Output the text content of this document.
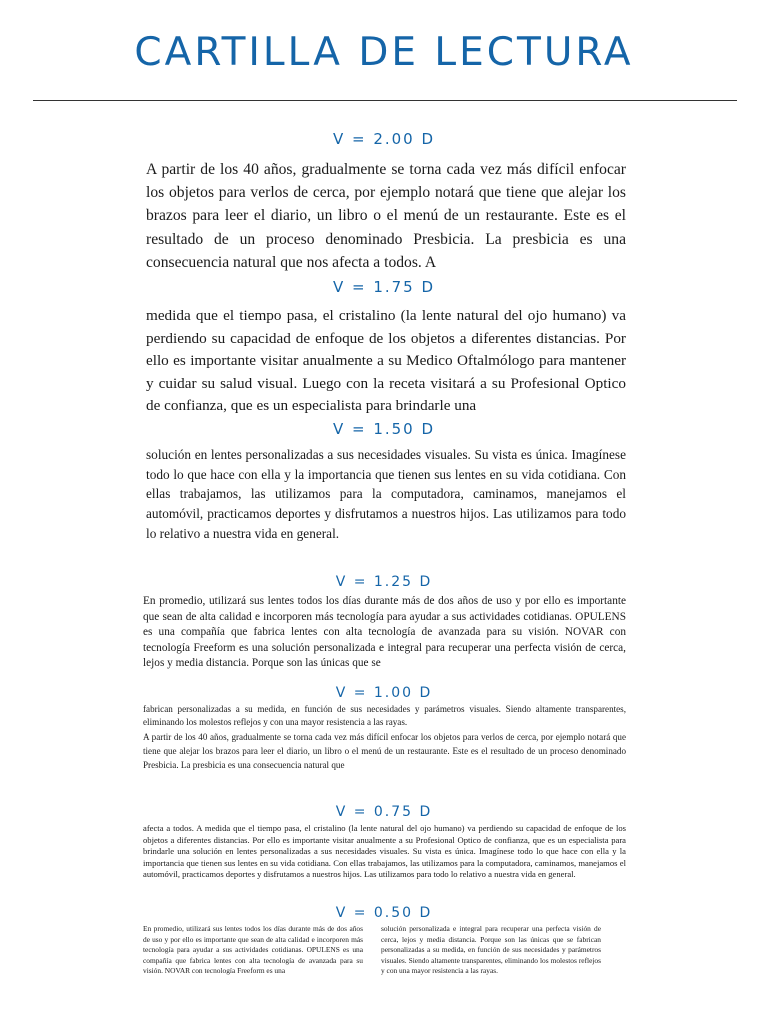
CARTILLA DE LECTURA
V = 2.00 D

A partir de los 40 años, gradualmente se torna cada vez más difícil enfocar los objetos para verlos de cerca, por ejemplo notará que tiene que alejar los brazos para leer el diario, un libro o el menú de un restaurante. Este es el resultado de un proceso denominado Presbicia. La presbicia es una consecuencia natural que nos afecta a todos. A

V = 1.75 D

medida que el tiempo pasa, el cristalino (la lente natural del ojo humano) va perdiendo su capacidad de enfoque de los objetos a diferentes distancias. Por ello es importante visitar anualmente a su Medico Oftalmólogo para mantener y cuidar su salud visual. Luego con la receta visitará a su Profesional Optico de confianza, que es un especialista para brindarle una

V = 1.50 D

solución en lentes personalizadas a sus necesidades visuales. Su vista es única. Imagínese todo lo que hace con ella y la importancia que tienen sus lentes en su vida cotidiana. Con ellas trabajamos, las utilizamos para la computadora, caminamos, manejamos el automóvil, practicamos deportes y disfrutamos a nuestros hijos. Las utilizamos para todo lo relativo a nuestra vida en general.

V = 1.25 D

En promedio, utilizará sus lentes todos los días durante más de dos años de uso y por ello es importante que sean de alta calidad e incorporen más tecnología para ayudar a sus actividades cotidianas. OPULENS es una compañía que fabrica lentes con alta tecnología de avanzada para su visión. NOVAR con tecnología Freeform es una solución personalizada e integral para recuperar una perfecta visión de cerca, lejos y media distancia. Porque son las únicas que se

V = 1.00 D

fabrican personalizadas a su medida, en función de sus necesidades y parámetros visuales. Siendo altamente transparentes, eliminando los molestos reflejos y con una mayor resistencia a las rayas.

A partir de los 40 años, gradualmente se torna cada vez más difícil enfocar los objetos para verlos de cerca, por ejemplo notará que tiene que alejar los brazos para leer el diario, un libro o el menú de un restaurante. Este es el resultado de un proceso denominado Presbicia. La presbicia es una consecuencia natural que

V = 0.75 D

afecta a todos. A medida que el tiempo pasa, el cristalino (la lente natural del ojo humano) va perdiendo su capacidad de enfoque de los objetos a diferentes distancias. Por ello es importante visitar anualmente a su Profesional Optico de confianza, que es un especialista para brindarle una solución en lentes personalizadas a sus necesidades visuales. Su vista es única. Imagínese todo lo que hace con ella y la importancia que tienen sus lentes en su vida cotidiana. Con ellas trabajamos, las utilizamos para la computadora, caminamos, manejamos el automóvil, practicamos deportes y disfrutamos a nuestros hijos. Las utilizamos para todo lo relativo a nuestra vida en general.

V = 0.50 D

En promedio, utilizará sus lentes todos los días durante más de dos años de uso y por ello es importante que sean de alta calidad e incorporen más tecnología para ayudar a sus actividades cotidianas. OPULENS es una compañía que fabrica lentes con alta tecnología de avanzada para su visión. NOVAR con tecnología Freeform es una

solución personalizada e integral para recuperar una perfecta visión de cerca, lejos y media distancia. Porque son las únicas que se fabrican personalizadas a su medida, en función de sus necesidades y parámetros visuales. Siendo altamente transparentes, eliminando los molestos reflejos y con una mayor resistencia a las rayas.
